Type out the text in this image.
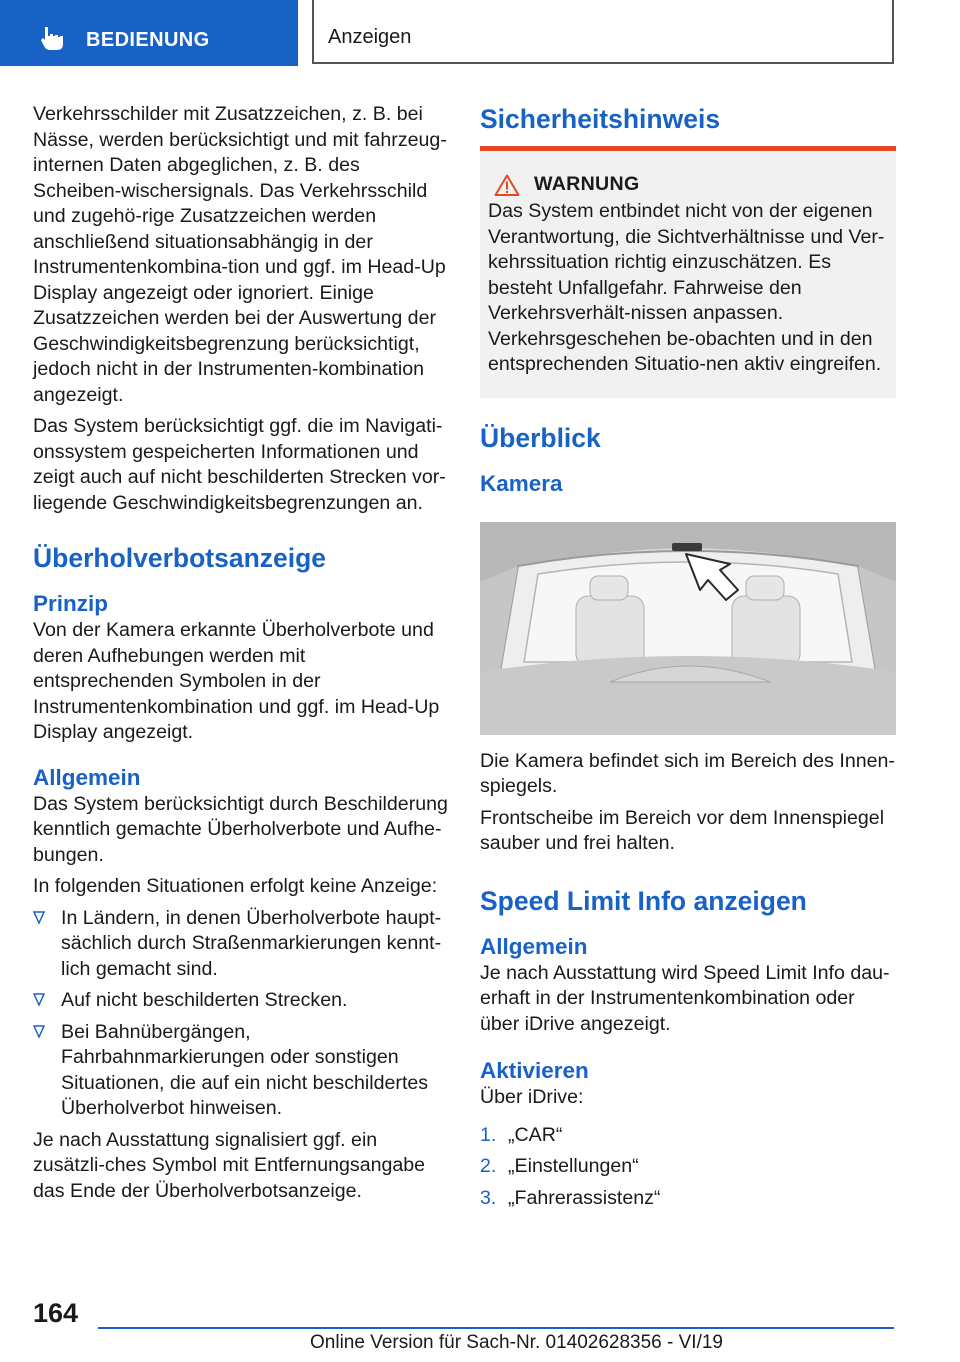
BEDIENUNG	Anzeigen

Verkehrsschilder mit Zusatzzeichen, z. B. bei Nässe, werden berücksichtigt und mit fahrzeug‐internen Daten abgeglichen, z. B. des Scheiben‐wischersignals. Das Verkehrsschild und zugehö‐rige Zusatzzeichen werden anschließend situationsabhängig in der Instrumentenkombina‐tion und ggf. im Head-Up Display angezeigt oder ignoriert. Einige Zusatzzeichen werden bei der Auswertung der Geschwindigkeitsbegrenzung berücksichtigt, jedoch nicht in der Instrumenten‐kombination angezeigt.

Das System berücksichtigt ggf. die im Navigati‐onssystem gespeicherten Informationen und zeigt auch auf nicht beschilderten Strecken vor‐liegende Geschwindigkeitsbegrenzungen an.

Überholverbotsanzeige
Prinzip

Von der Kamera erkannte Überholverbote und deren Aufhebungen werden mit entsprechenden Symbolen in der Instrumentenkombination und ggf. im Head-Up Display angezeigt.

Allgemein

Das System berücksichtigt durch Beschilderung kenntlich gemachte Überholverbote und Aufhe‐bungen.

In folgenden Situationen erfolgt keine Anzeige:

In Ländern, in denen Überholverbote haupt‐sächlich durch Straßenmarkierungen kennt‐lich gemacht sind.
Auf nicht beschilderten Strecken.
Bei Bahnübergängen, Fahrbahnmarkierungen oder sonstigen Situationen, die auf ein nicht beschildertes Überholverbot hinweisen.

Je nach Ausstattung signalisiert ggf. ein zusätzli‐ches Symbol mit Entfernungsangabe das Ende der Überholverbotsanzeige.

Sicherheitshinweis
WARNUNG

Das System entbindet nicht von der eigenen Verantwortung, die Sichtverhältnisse und Ver‐kehrssituation richtig einzuschätzen. Es besteht Unfallgefahr. Fahrweise den Verkehrsverhält‐nissen anpassen. Verkehrsgeschehen be‐obachten und in den entsprechenden Situatio‐nen aktiv eingreifen.

Überblick
Kamera

Die Kamera befindet sich im Bereich des Innen‐spiegels.

Frontscheibe im Bereich vor dem Innenspiegel sauber und frei halten.

Speed Limit Info anzeigen
Allgemein

Je nach Ausstattung wird Speed Limit Info dau‐erhaft in der Instrumentenkombination oder über iDrive angezeigt.

Aktivieren

Über iDrive:

1. „CAR“
2. „Einstellungen“
3. „Fahrerassistenz“
164
Online Version für Sach-Nr. 01402628356 - VI/19
